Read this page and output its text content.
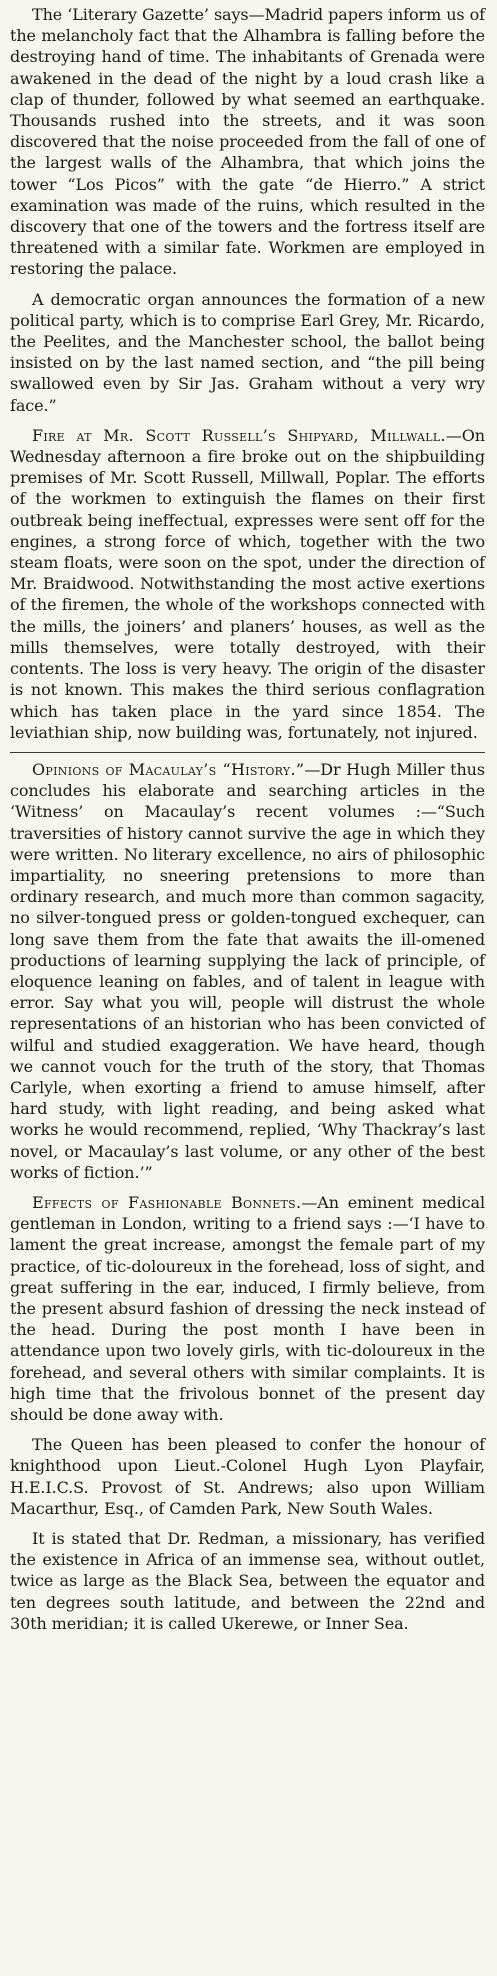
The ‘Literary Gazette’ says—Madrid papers inform us of the melancholy fact that the Alhambra is falling before the destroying hand of time. The inhabitants of Grenada were awakened in the dead of the night by a loud crash like a clap of thunder, followed by what seemed an earthquake. Thousands rushed into the streets, and it was soon discovered that the noise proceeded from the fall of one of the largest walls of the Alhambra, that which joins the tower “Los Picos” with the gate “de Hierro.” A strict examination was made of the ruins, which resulted in the discovery that one of the towers and the fortress itself are threatened with a similar fate. Workmen are employed in restoring the palace.

A democratic organ announces the formation of a new political party, which is to comprise Earl Grey, Mr. Ricardo, the Peelites, and the Manchester school, the ballot being insisted on by the last named section, and “the pill being swallowed even by Sir Jas. Graham without a very wry face.”

Fire at Mr. Scott Russell’s Shipyard, Millwall.—On Wednesday afternoon a fire broke out on the shipbuilding premises of Mr. Scott Russell, Millwall, Poplar. The efforts of the workmen to extinguish the flames on their first outbreak being ineffectual, expresses were sent off for the engines, a strong force of which, together with the two steam floats, were soon on the spot, under the direction of Mr. Braidwood. Notwithstanding the most active exertions of the firemen, the whole of the workshops connected with the mills, the joiners’ and planers’ houses, as well as the mills themselves, were totally destroyed, with their contents. The loss is very heavy. The origin of the disaster is not known. This makes the third serious conflagration which has taken place in the yard since 1854. The leviathian ship, now building was, fortunately, not injured.

Opinions of Macaulay’s “History.”—Dr Hugh Miller thus concludes his elaborate and searching articles in the ‘Witness’ on Macaulay’s recent volumes :—“Such traversities of history cannot survive the age in which they were written. No literary excellence, no airs of philosophic impartiality, no sneering pretensions to more than ordinary research, and much more than common sagacity, no silver-tongued press or golden-tongued exchequer, can long save them from the fate that awaits the ill-omened productions of learning supplying the lack of principle, of eloquence leaning on fables, and of talent in league with error. Say what you will, people will distrust the whole representations of an historian who has been convicted of wilful and studied exaggeration. We have heard, though we cannot vouch for the truth of the story, that Thomas Carlyle, when exorting a friend to amuse himself, after hard study, with light reading, and being asked what works he would recommend, replied, ‘Why Thackray’s last novel, or Macaulay’s last volume, or any other of the best works of fiction.’”

Effects of Fashionable Bonnets.—An eminent medical gentleman in London, writing to a friend says :—‘I have to lament the great increase, amongst the female part of my practice, of tic-doloureux in the forehead, loss of sight, and great suffering in the ear, induced, I firmly believe, from the present absurd fashion of dressing the neck instead of the head. During the post month I have been in attendance upon two lovely girls, with tic-doloureux in the forehead, and several others with similar complaints. It is high time that the frivolous bonnet of the present day should be done away with.

The Queen has been pleased to confer the honour of knighthood upon Lieut.-Colonel Hugh Lyon Playfair, H.E.I.C.S. Provost of St. Andrews; also upon William Macarthur, Esq., of Camden Park, New South Wales.

It is stated that Dr. Redman, a missionary, has verified the existence in Africa of an immense sea, without outlet, twice as large as the Black Sea, between the equator and ten degrees south latitude, and between the 22nd and 30th meridian; it is called Ukerewe, or Inner Sea.
